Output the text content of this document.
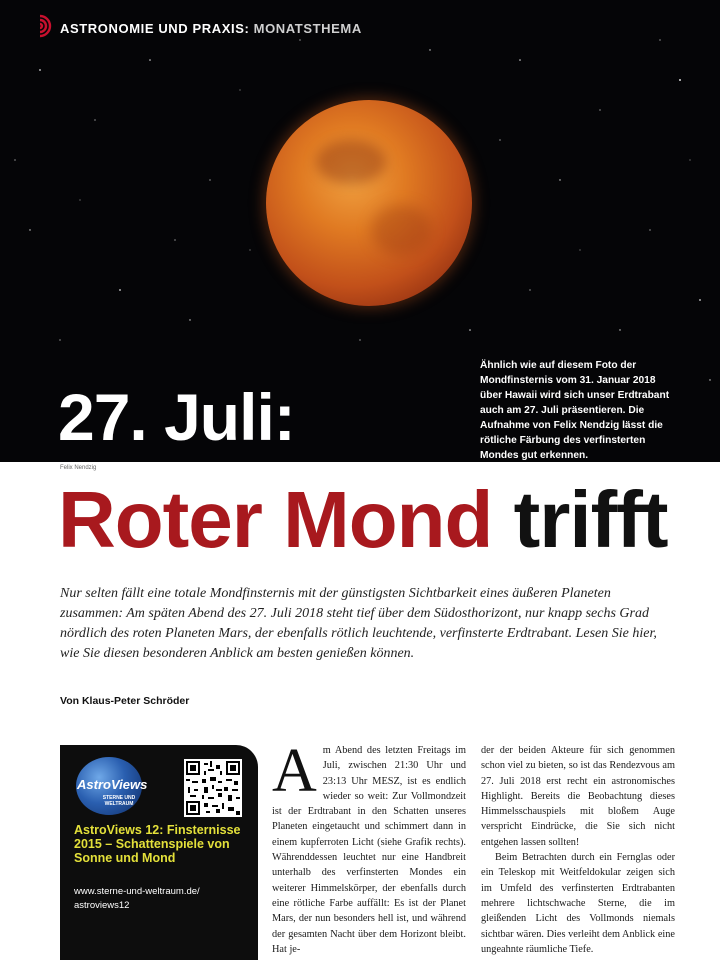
ASTRONOMIE UND PRAXIS: MONATSTHEMA
27. Juli:
Ähnlich wie auf diesem Foto der Mondfinsternis vom 31. Januar 2018 über Hawaii wird sich unser Erdtrabant auch am 27. Juli präsentieren. Die Aufnahme von Felix Nendzig lässt die rötliche Färbung des verfinsterten Mondes gut erkennen.
Felix Nendzig
Roter Mond trifft
Nur selten fällt eine totale Mondfinsternis mit der günstigsten Sichtbarkeit eines äußeren Planeten zusammen: Am späten Abend des 27. Juli 2018 steht tief über dem Südosthorizont, nur knapp sechs Grad nördlich des roten Planeten Mars, der ebenfalls rötlich leuchtende, verfinsterte Erdtrabant. Lesen Sie hier, wie Sie diesen besonderen Anblick am besten genießen können.
Von Klaus-Peter Schröder
AstroViews
STERNE UND WELTRAUM
AstroViews 12: Finsternisse 2015 – Schattenspiele von Sonne und Mond
www.sterne-und-weltraum.de/ astroviews12

Am Abend des letzten Freitags im Juli, zwischen 21:30 Uhr und 23:13 Uhr MESZ, ist es endlich wieder so weit: Zur Vollmondzeit ist der Erdtrabant in den Schatten unseres Planeten eingetaucht und schimmert dann in einem kupferroten Licht (siehe Grafik rechts). Währenddessen leuchtet nur eine Handbreit unterhalb des verfinsterten Mondes ein weiterer Himmelskörper, der ebenfalls durch eine rötliche Farbe auffällt: Es ist der Planet Mars, der nun besonders hell ist, und während der gesamten Nacht über dem Horizont bleibt. Hat je-

der der beiden Akteure für sich genommen schon viel zu bieten, so ist das Rendezvous am 27. Juli 2018 erst recht ein astronomisches Highlight. Bereits die Beobachtung dieses Himmelsschauspiels mit bloßem Auge verspricht Eindrücke, die Sie sich nicht entgehen lassen sollten!

Beim Betrachten durch ein Fernglas oder ein Teleskop mit Weitfeldokular zeigen sich im Umfeld des verfinsterten Erdtrabanten mehrere lichtschwache Sterne, die im gleißenden Licht des Vollmonds niemals sichtbar wären. Dies verleiht dem Anblick eine ungeahnte räumliche Tiefe.
